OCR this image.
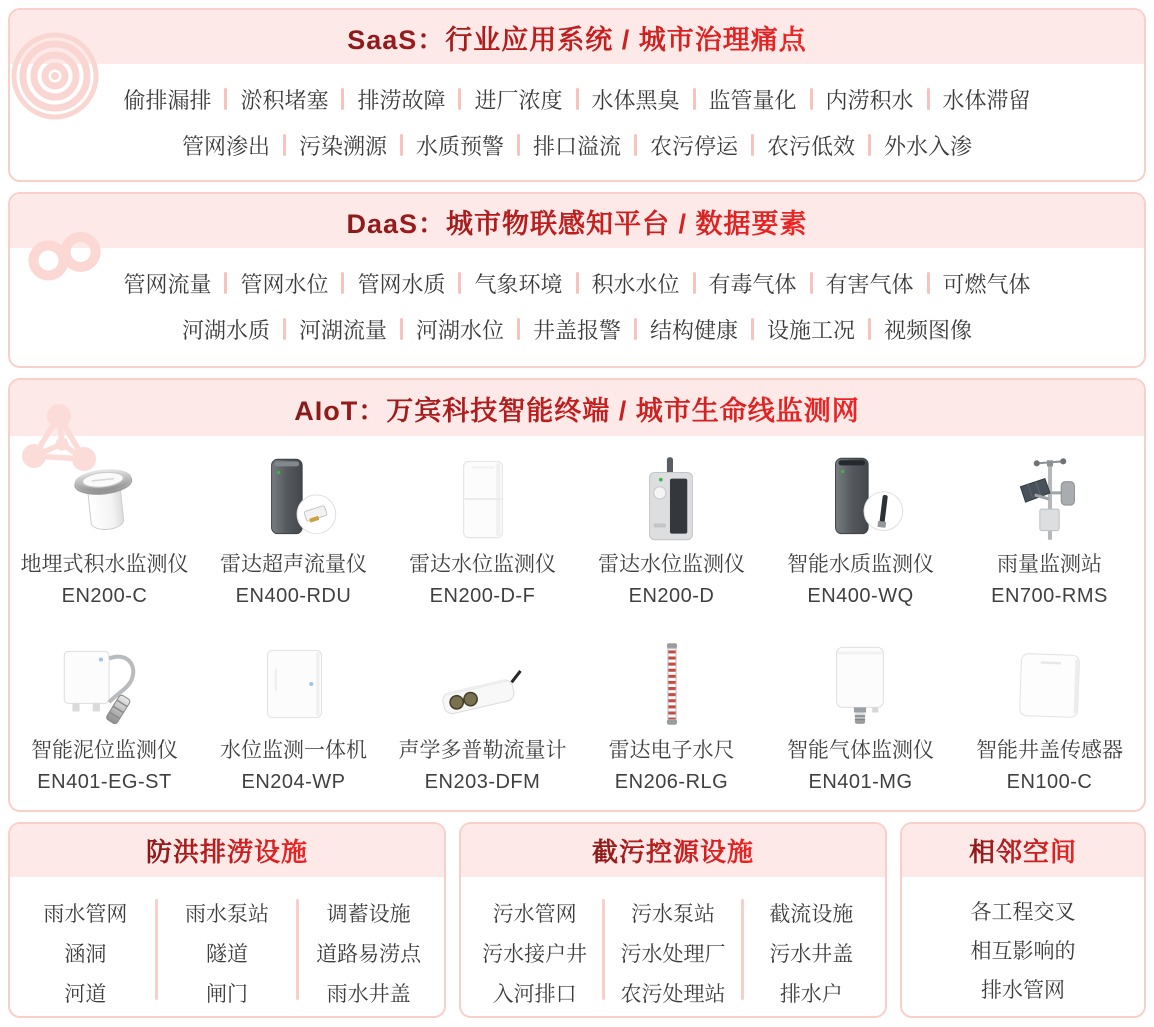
SaaS：行业应用系统 / 城市治理痛点
偷排漏排 淤积堵塞 排涝故障 进厂浓度 水体黑臭 监管量化 内涝积水 水体滞留
管网渗出 污染溯源 水质预警 排口溢流 农污停运 农污低效 外水入渗
DaaS：城市物联感知平台 / 数据要素
管网流量 管网水位 管网水质 气象环境 积水水位 有毒气体 有害气体 可燃气体
河湖水质 河湖流量 河湖水位 井盖报警 结构健康 设施工况 视频图像
AIoT：万宾科技智能终端 / 城市生命线监测网
地埋式积水监测仪
EN200-C
雷达超声流量仪
EN400-RDU
雷达水位监测仪
EN200-D-F
雷达水位监测仪
EN200-D
智能水质监测仪
EN400-WQ
雨量监测站
EN700-RMS
智能泥位监测仪
EN401-EG-ST
水位监测一体机
EN204-WP
声学多普勒流量计
EN203-DFM
雷达电子水尺
EN206-RLG
智能气体监测仪
EN401-MG
智能井盖传感器
EN100-C
防洪排涝设施
雨水管网
涵洞
河道
雨水泵站
隧道
闸门
调蓄设施
道路易涝点
雨水井盖
截污控源设施
污水管网
污水接户井
入河排口
污水泵站
污水处理厂
农污处理站
截流设施
污水井盖
排水户
相邻空间
各工程交叉
相互影响的
排水管网
